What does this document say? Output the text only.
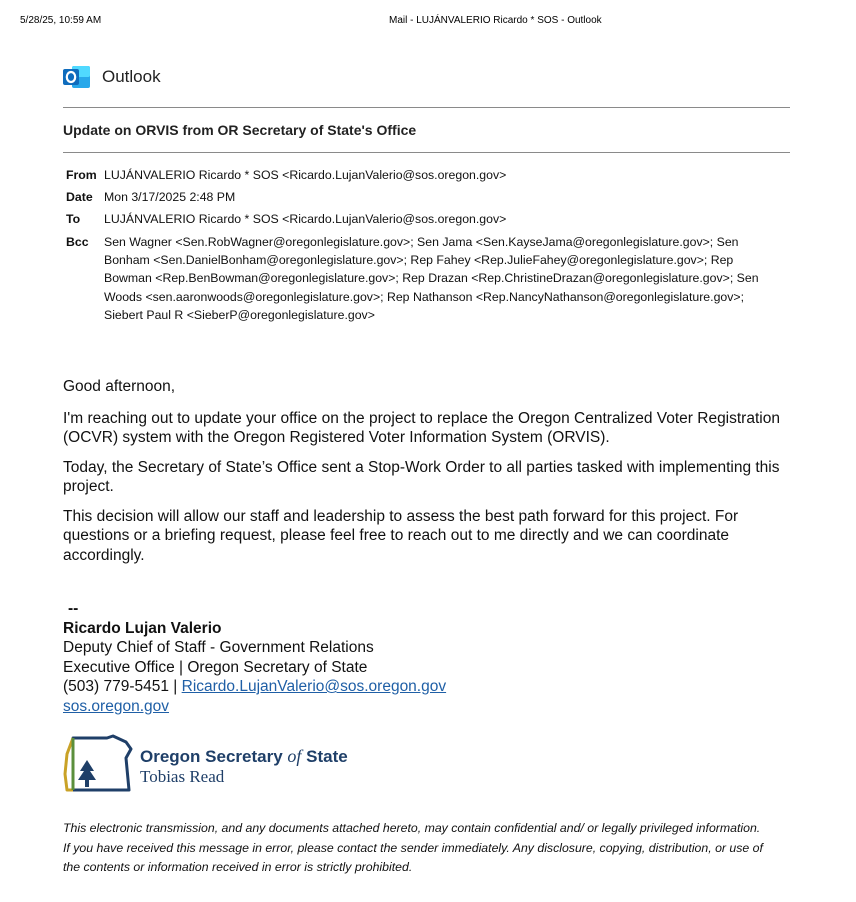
5/28/25, 10:59 AM	Mail - LUJÁNVALERIO Ricardo * SOS - Outlook
Outlook
Update on ORVIS from OR Secretary of State's Office
From LUJÁNVALERIO Ricardo * SOS <Ricardo.LujanValerio@sos.oregon.gov>
Date Mon 3/17/2025 2:48 PM
To	LUJÁNVALERIO Ricardo * SOS <Ricardo.LujanValerio@sos.oregon.gov>
Bcc	Sen Wagner <Sen.RobWagner@oregonlegislature.gov>; Sen Jama <Sen.KayseJama@oregonlegislature.gov>; Sen Bonham <Sen.DanielBonham@oregonlegislature.gov>; Rep Fahey <Rep.JulieFahey@oregonlegislature.gov>; Rep Bowman <Rep.BenBowman@oregonlegislature.gov>; Rep Drazan <Rep.ChristineDrazan@oregonlegislature.gov>; Sen Woods <sen.aaronwoods@oregonlegislature.gov>; Rep Nathanson <Rep.NancyNathanson@oregonlegislature.gov>; Siebert Paul R <SieberP@oregonlegislature.gov>

Good afternoon,

I'm reaching out to update your office on the project to replace the Oregon Centralized Voter Registration (OCVR) system with the Oregon Registered Voter Information System (ORVIS).

Today, the Secretary of State’s Office sent a Stop-Work Order to all parties tasked with implementing this project.

This decision will allow our staff and leadership to assess the best path forward for this project. For questions or a briefing request, please feel free to reach out to me directly and we can coordinate accordingly.

--
Ricardo Lujan Valerio
Deputy Chief of Staff - Government Relations
Executive Office | Oregon Secretary of State
(503) 779-5451 | Ricardo.LujanValerio@sos.oregon.gov
sos.oregon.gov
Oregon Secretary of State
Tobias Read
This electronic transmission, and any documents attached hereto, may contain confidential and/ or legally privileged information. If you have received this message in error, please contact the sender immediately. Any disclosure, copying, distribution, or use of the contents or information received in error is strictly prohibited.
